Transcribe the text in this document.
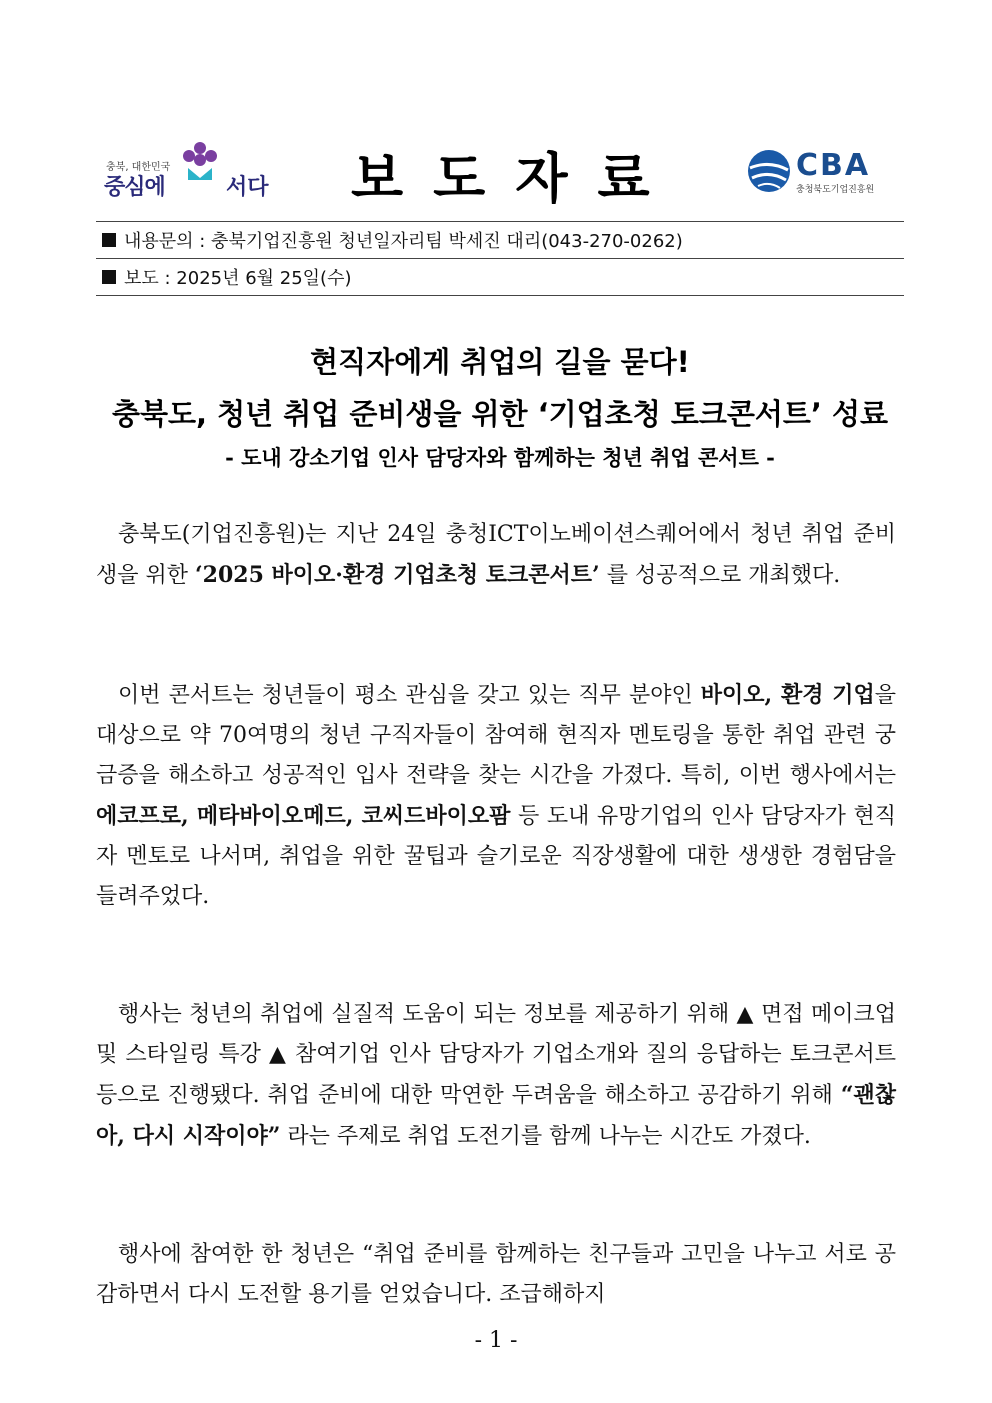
충북, 대한민국
중심에	서다 보도자료	CBA
충청북도기업진흥원
내용문의 : 충북기업진흥원 청년일자리팀 박세진 대리(043-270-0262)
보도 : 2025년 6월 25일(수)
현직자에게 취업의 길을 묻다!
충북도, 청년 취업 준비생을 위한 ‘기업초청 토크콘서트’ 성료
- 도내 강소기업 인사 담당자와 함께하는 청년 취업 콘서트 -
충북도(기업진흥원)는 지난 24일 충청ICT이노베이션스퀘어에서 청년 취업 준비생을 위한 ‘2025 바이오·환경 기업초청 토크콘서트’ 를 성공적으로 개최했다.
이번 콘서트는 청년들이 평소 관심을 갖고 있는 직무 분야인 바이오, 환경 기업을 대상으로 약 70여명의 청년 구직자들이 참여해 현직자 멘토링을 통한 취업 관련 궁금증을 해소하고 성공적인 입사 전략을 찾는 시간을 가졌다. 특히, 이번 행사에서는 에코프로, 메타바이오메드, 코씨드바이오팜 등 도내 유망기업의 인사 담당자가 현직자 멘토로 나서며, 취업을 위한 꿀팁과 슬기로운 직장생활에 대한 생생한 경험담을 들려주었다.
행사는 청년의 취업에 실질적 도움이 되는 정보를 제공하기 위해 ▲ 면접 메이크업 및 스타일링 특강 ▲ 참여기업 인사 담당자가 기업소개와 질의 응답하는 토크콘서트 등으로 진행됐다. 취업 준비에 대한 막연한 두려움을 해소하고 공감하기 위해 “괜찮아, 다시 시작이야” 라는 주제로 취업 도전기를 함께 나누는 시간도 가졌다.
행사에 참여한 한 청년은 “취업 준비를 함께하는 친구들과 고민을 나누고 서로 공감하면서 다시 도전할 용기를 얻었습니다. 조급해하지
- 1 -
